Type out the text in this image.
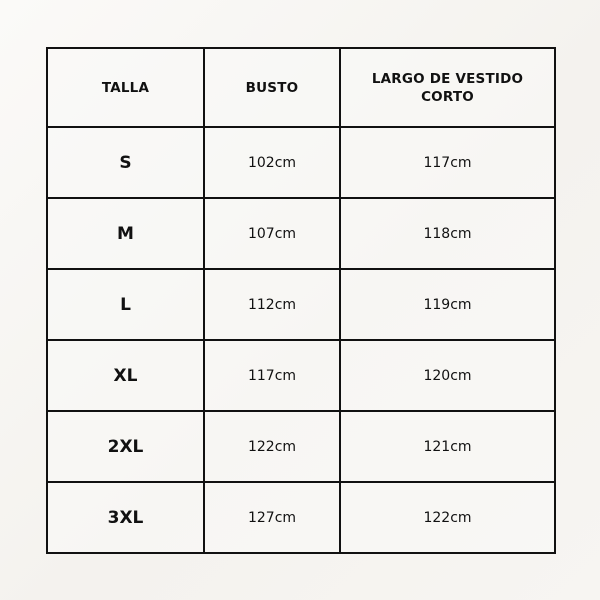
TALLA	BUSTO	LARGO DE VESTIDO CORTO
S	102cm	117cm
M	107cm	118cm
L	112cm	119cm
XL	117cm	120cm
2XL	122cm	121cm
3XL	127cm	122cm
